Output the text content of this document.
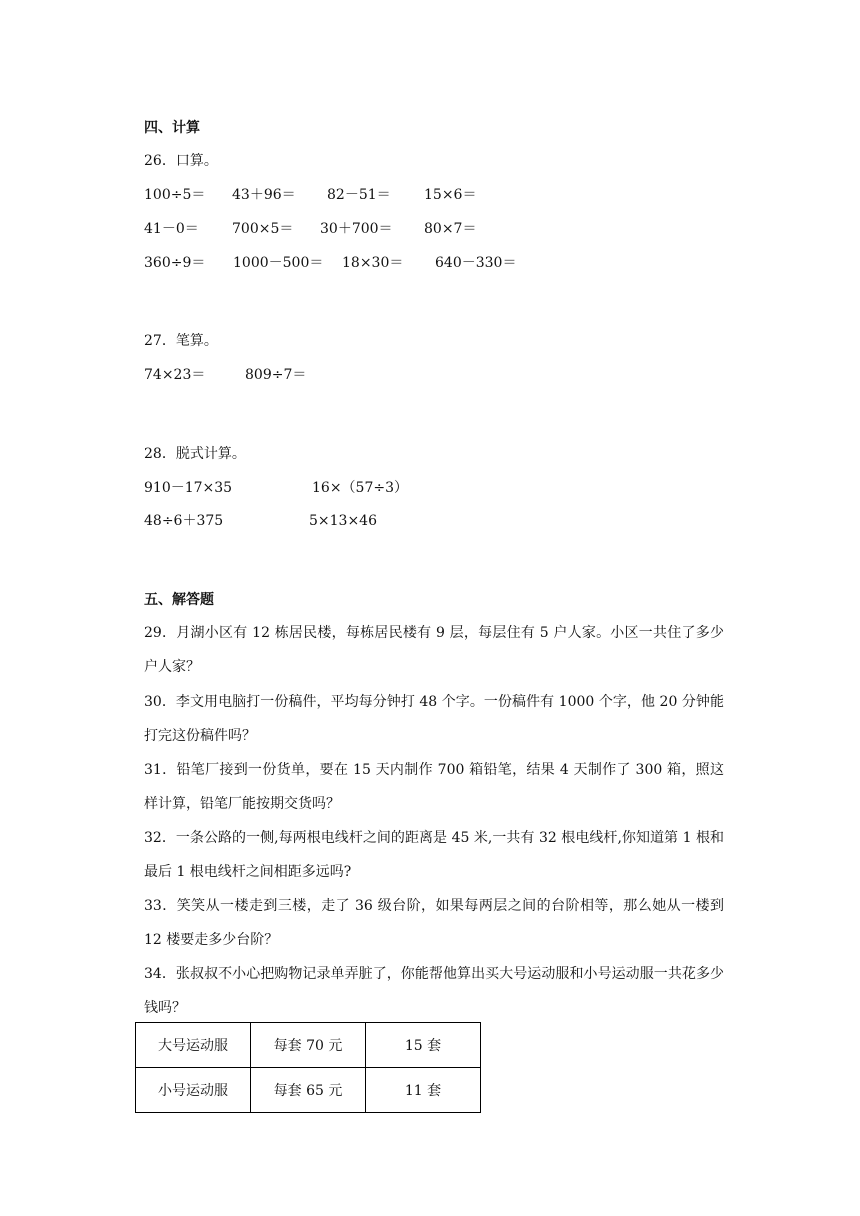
四、计算
26．口算。
100÷5＝ 43＋96＝ 82－51＝ 15×6＝
41－0＝ 700×5＝ 30＋700＝ 80×7＝
360÷9＝ 1000－500＝ 18×30＝ 640－330＝
27．笔算。
74×23＝	809÷7＝
28．脱式计算。
910－17×35	16×（57÷3）
48÷6＋375	5×13×46
五、解答题
29．月湖小区有 12 栋居民楼，每栋居民楼有 9 层，每层住有 5 户人家。小区一共住了多少户人家？
30．李文用电脑打一份稿件，平均每分钟打 48 个字。一份稿件有 1000 个字，他 20 分钟能打完这份稿件吗？
31．铅笔厂接到一份货单，要在 15 天内制作 700 箱铅笔，结果 4 天制作了 300 箱，照这样计算，铅笔厂能按期交货吗？
32．一条公路的一侧,每两根电线杆之间的距离是 45 米,一共有 32 根电线杆,你知道第 1 根和最后 1 根电线杆之间相距多远吗?
33．笑笑从一楼走到三楼，走了 36 级台阶，如果每两层之间的台阶相等，那么她从一楼到 12 楼要走多少台阶？
34．张叔叔不小心把购物记录单弄脏了，你能帮他算出买大号运动服和小号运动服一共花多少钱吗？
大号运动服	每套 70 元	15 套
小号运动服	每套 65 元	11 套
